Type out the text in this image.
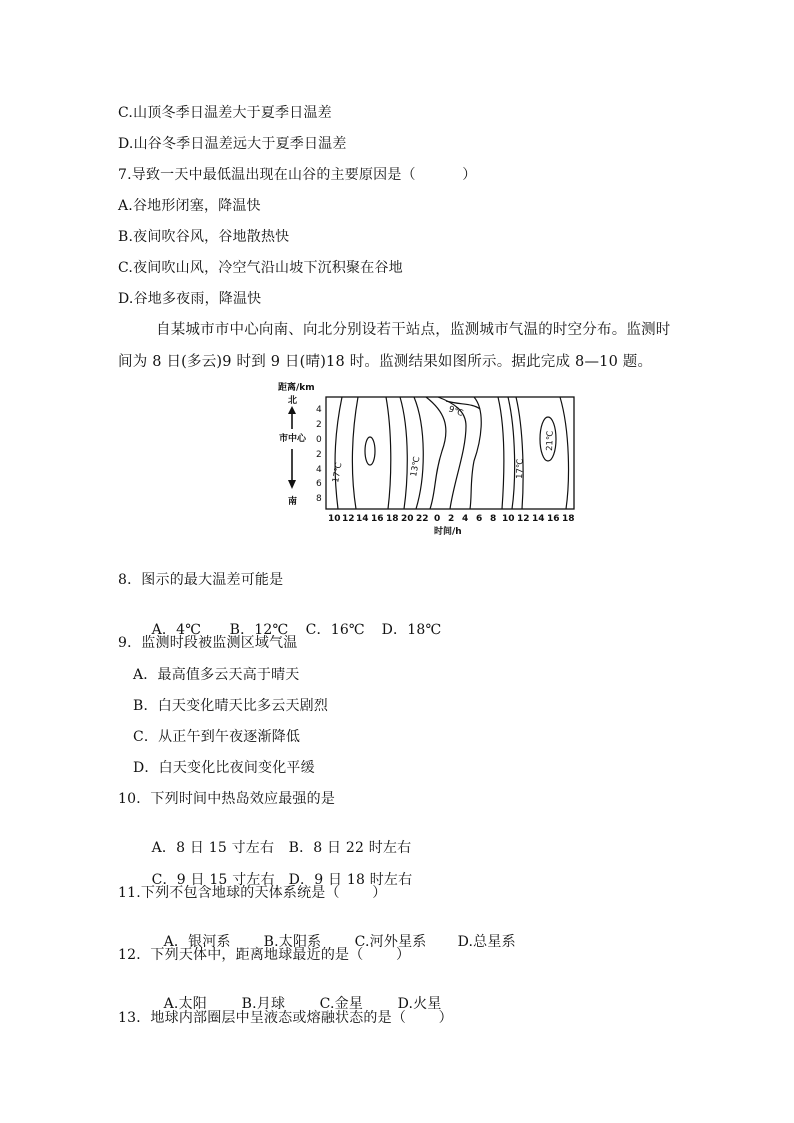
C.山顶冬季日温差大于夏季日温差
D.山谷冬季日温差远大于夏季日温差
7.导致一天中最低温出现在山谷的主要原因是（          ）
A.谷地形闭塞，降温快
B.夜间吹谷风，谷地散热快
C.夜间吹山风，冷空气沿山坡下沉积聚在谷地
D.谷地多夜雨，降温快
自某城市市中心向南、向北分别设若干站点，监测城市气温的时空分布。监测时间为 8 日(多云)9 时到 9 日(晴)18 时。监测结果如图所示。据此完成 8—10 题。
距离/km
北
市中心
南
4
2
0
2
4
6
8
17℃	13℃
9℃
17℃
21℃
10 12 14 16 18 20 22 0 2 4 6 8 10 12 14 16 18
时间/h
8．图示的最大温差可能是

A．4℃ B．12℃ C．16℃ D．18℃

9．监测时段被监测区域气温
A．最高值多云天高于晴天
B．白天变化晴天比多云天剧烈
C．从正午到午夜逐渐降低
D．白天变化比夜间变化平缓
10．下列时间中热岛效应最强的是

A．8 日 15 寸左右 B．8 日 22 时左右

C．9 日 15 寸左右 D．9 日 18 时左右

11.下列不包含地球的天体系统是（       ）

A．银河系 B.太阳系 C.河外星系 D.总星系

12．下列天体中，距离地球最近的是（       ）

A.太阳 B.月球 C.金星 D.火星

13．地球内部圈层中呈液态或熔融状态的是（       ）
